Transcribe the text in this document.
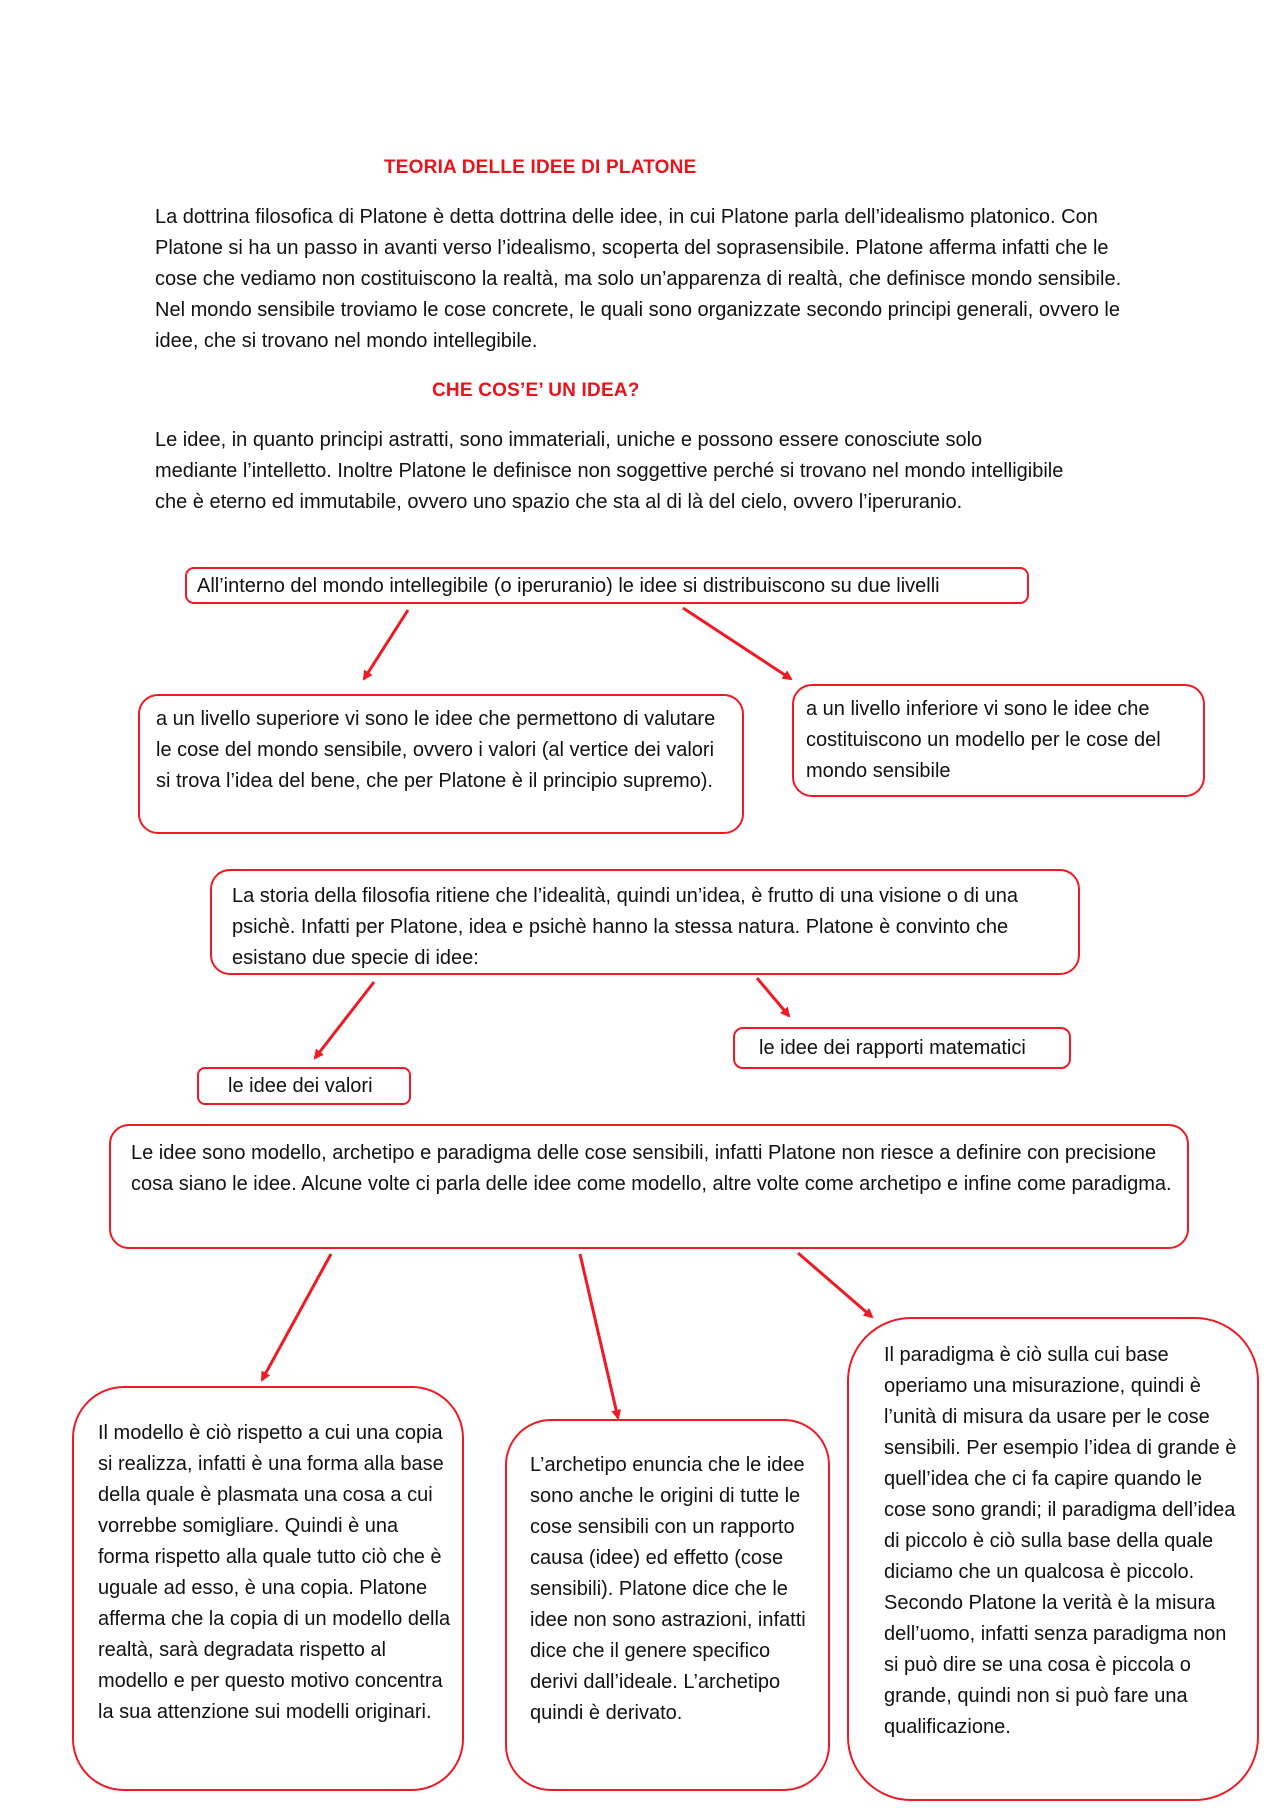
TEORIA DELLE IDEE DI PLATONE

La dottrina filosofica di Platone è detta dottrina delle idee, in cui Platone parla dell’idealismo platonico. Con Platone si ha un passo in avanti verso l’idealismo, scoperta del soprasensibile. Platone afferma infatti che le cose che vediamo non costituiscono la realtà, ma solo un’apparenza di realtà, che definisce mondo sensibile. Nel mondo sensibile troviamo le cose concrete, le quali sono organizzate secondo principi generali, ovvero le idee, che si trovano nel mondo intellegibile.

CHE COS’E’ UN IDEA?

Le idee, in quanto principi astratti, sono immateriali, uniche e possono essere conosciute solo mediante l’intelletto. Inoltre Platone le definisce non soggettive perché si trovano nel mondo intelligibile che è eterno ed immutabile, ovvero uno spazio che sta al di là del cielo, ovvero l’iperuranio.

All’interno del mondo intellegibile (o iperuranio) le idee si distribuiscono su due livelli

a un livello superiore vi sono le idee che permettono di valutare le cose del mondo sensibile, ovvero i valori (al vertice dei valori si trova l’idea del bene, che per Platone è il principio supremo).

a un livello inferiore vi sono le idee che costituiscono un modello per le cose del mondo sensibile

La storia della filosofia ritiene che l’idealità, quindi un’idea, è frutto di una visione o di una psichè. Infatti per Platone, idea e psichè hanno la stessa natura. Platone è convinto che esistano due specie di idee:

le idee dei rapporti matematici

le idee dei valori

Le idee sono modello, archetipo e paradigma delle cose sensibili, infatti Platone non riesce a definire con precisione cosa siano le idee. Alcune volte ci parla delle idee come modello, altre volte come archetipo e infine come paradigma.

Il modello è ciò rispetto a cui una copia si realizza, infatti è una forma alla base della quale è plasmata una cosa a cui vorrebbe somigliare. Quindi è una forma rispetto alla quale tutto ciò che è uguale ad esso, è una copia. Platone afferma che la copia di un modello della realtà, sarà degradata rispetto al modello e per questo motivo concentra la sua attenzione sui modelli originari.

L’archetipo enuncia che le idee sono anche le origini di tutte le cose sensibili con un rapporto causa (idee) ed effetto (cose sensibili). Platone dice che le idee non sono astrazioni, infatti dice che il genere specifico derivi dall’ideale. L’archetipo quindi è derivato.

Il paradigma è ciò sulla cui base operiamo una misurazione, quindi è l’unità di misura da usare per le cose sensibili. Per esempio l’idea di grande è quell’idea che ci fa capire quando le cose sono grandi; il paradigma dell’idea di piccolo è ciò sulla base della quale diciamo che un qualcosa è piccolo. Secondo Platone la verità è la misura dell’uomo, infatti senza paradigma non si può dire se una cosa è piccola o grande, quindi non si può fare una qualificazione.
